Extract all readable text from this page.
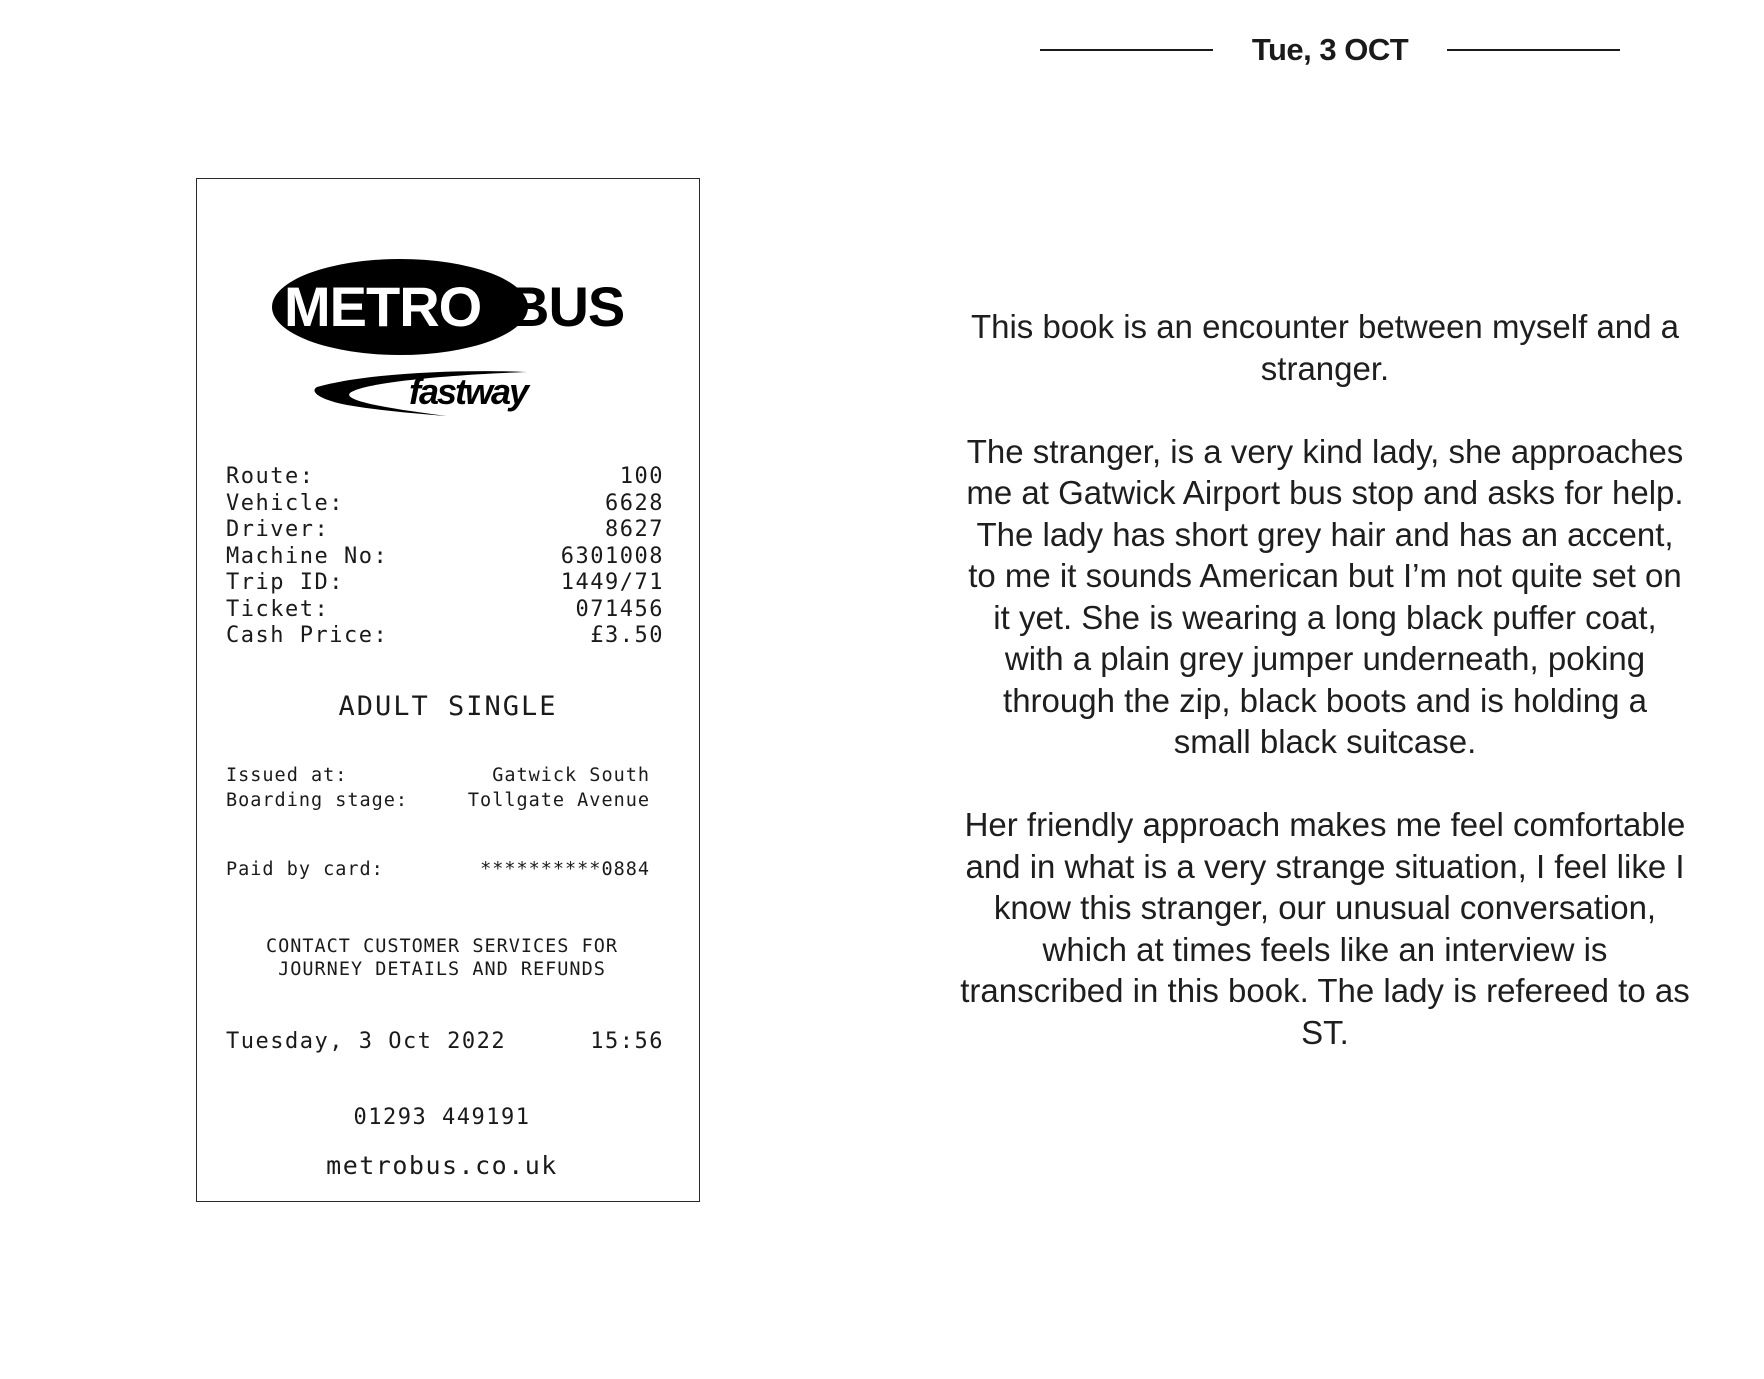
METRO BUS
fastway
Route:	100
Vehicle:	6628
Driver:	8627
Machine No:	6301008
Trip ID:	1449/71
Ticket:	071456
Cash Price:	£3.50
ADULT SINGLE
Issued at:	Gatwick South
Boarding stage:	Tollgate Avenue
Paid by card:	**********0884
CONTACT CUSTOMER SERVICES FOR
JOURNEY DETAILS AND REFUNDS
Tuesday, 3 Oct 2022	15:56
01293 449191
metrobus.co.uk
Tue, 3 OCT

This book is an encounter between myself and a stranger.

The stranger, is a very kind lady, she approaches me at Gatwick Airport bus stop and asks for help. The lady has short grey hair and has an accent, to me it sounds American but I’m not quite set on it yet. She is wearing a long black puffer coat, with a plain grey jumper underneath, poking through the zip, black boots and is holding a small black suitcase.

Her friendly approach makes me feel comfortable and in what is a very strange situation, I feel like I know this stranger, our unusual conversation, which at times feels like an interview is transcribed in this book. The lady is refereed to as ST.
